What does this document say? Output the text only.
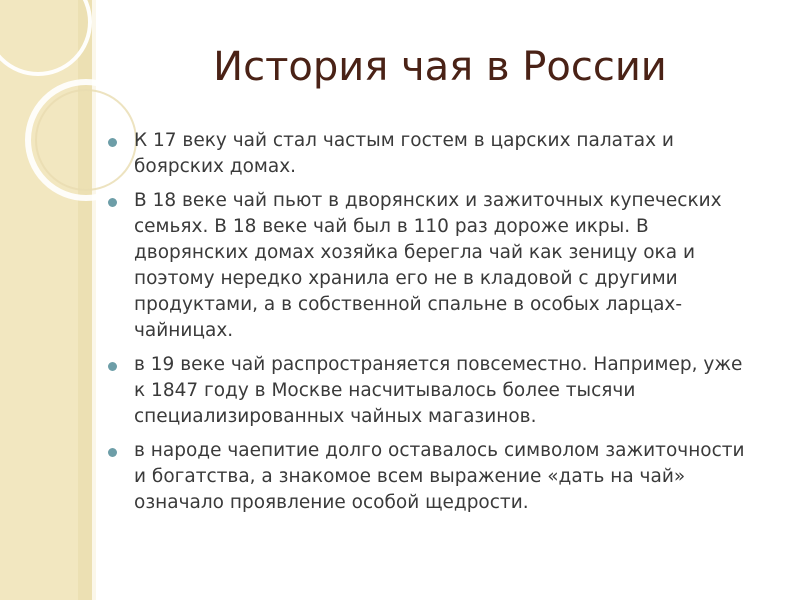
История чая в России
К 17 веку чай стал частым гостем в царских палатах и боярских домах.
В 18 веке чай пьют в дворянских и зажиточных купеческих семьях. В 18 веке чай был в 110 раз дороже икры. В дворянских домах хозяйка берегла чай как зеницу ока и поэтому нередко хранила его не в кладовой с другими продуктами, а в собственной спальне в особых ларцах-чайницах.
в 19 веке чай распространяется повсеместно. Например, уже к 1847 году в Москве насчитывалось более тысячи специализированных чайных магазинов.
в народе чаепитие долго оставалось символом зажиточности и богатства, а знакомое всем выражение «дать на чай» означало проявление особой щедрости.
